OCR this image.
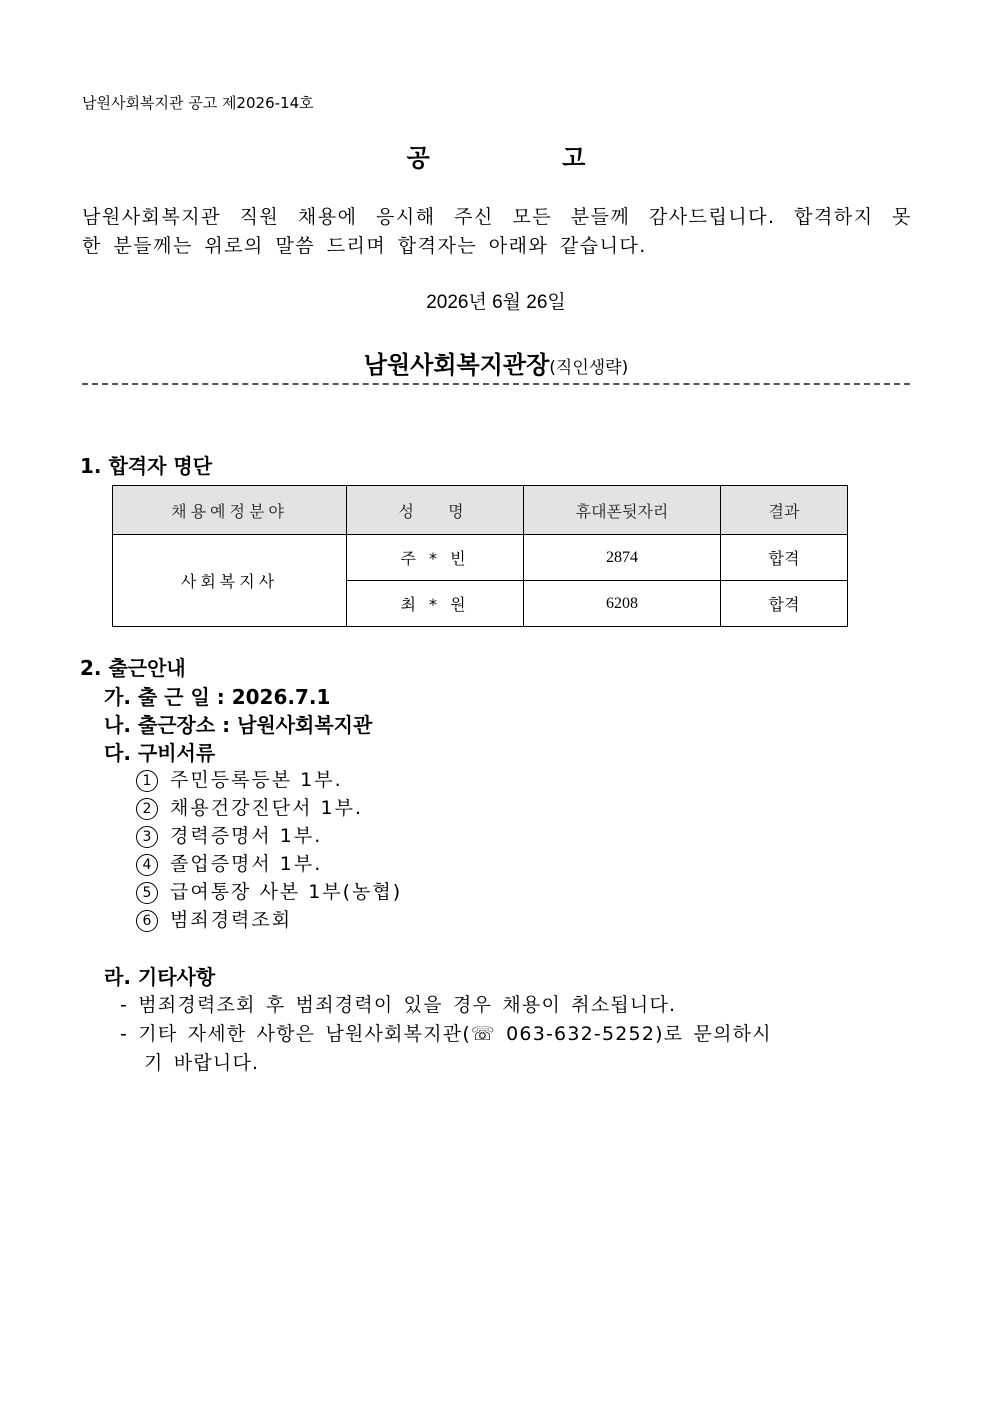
남원사회복지관 공고 제2026-14호
공 고
남원사회복지관 직원 채용에 응시해 주신 모든 분들께 감사드립니다. 합격하지 못
한 분들께는 위로의 말씀 드리며 합격자는 아래와 같습니다.
2026년 6월 26일
남원사회복지관장(직인생략)
1. 합격자 명단
채용예정분야	성  명	휴대폰뒷자리	결과
사회복지사	주 * 빈	2874	합격
	최 * 원	6208	합격
2. 출근안내
가. 출 근 일 : 2026.7.1
나. 출근장소 : 남원사회복지관
다. 구비서류
1 주민등록등본 1부.
2 채용건강진단서 1부.
3 경력증명서 1부.
4 졸업증명서 1부.
5 급여통장 사본 1부(농협)
6 범죄경력조회
라. 기타사항
- 범죄경력조회 후 범죄경력이 있을 경우 채용이 취소됩니다.
- 기타 자세한 사항은 남원사회복지관(☏ 063-632-5252)로 문의하시
기 바랍니다.
